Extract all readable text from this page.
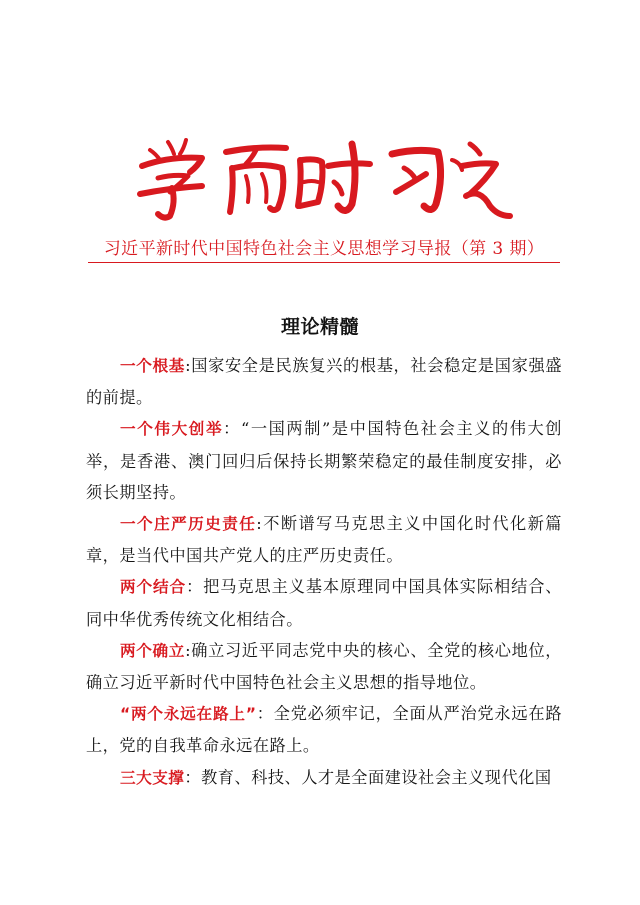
习近平新时代中国特色社会主义思想学习导报（第 3 期）
理论精髓

一个根基:国家安全是民族复兴的根基，社会稳定是国家强盛的前提。

一个伟大创举：“一国两制”是中国特色社会主义的伟大创举，是香港、澳门回归后保持长期繁荣稳定的最佳制度安排，必须长期坚持。

一个庄严历史责任:不断谱写马克思主义中国化时代化新篇章，是当代中国共产党人的庄严历史责任。

两个结合：把马克思主义基本原理同中国具体实际相结合、同中华优秀传统文化相结合。

两个确立:确立习近平同志党中央的核心、全党的核心地位，确立习近平新时代中国特色社会主义思想的指导地位。

“两个永远在路上”：全党必须牢记，全面从严治党永远在路上，党的自我革命永远在路上。

三大支撑：教育、科技、人才是全面建设社会主义现代化国
